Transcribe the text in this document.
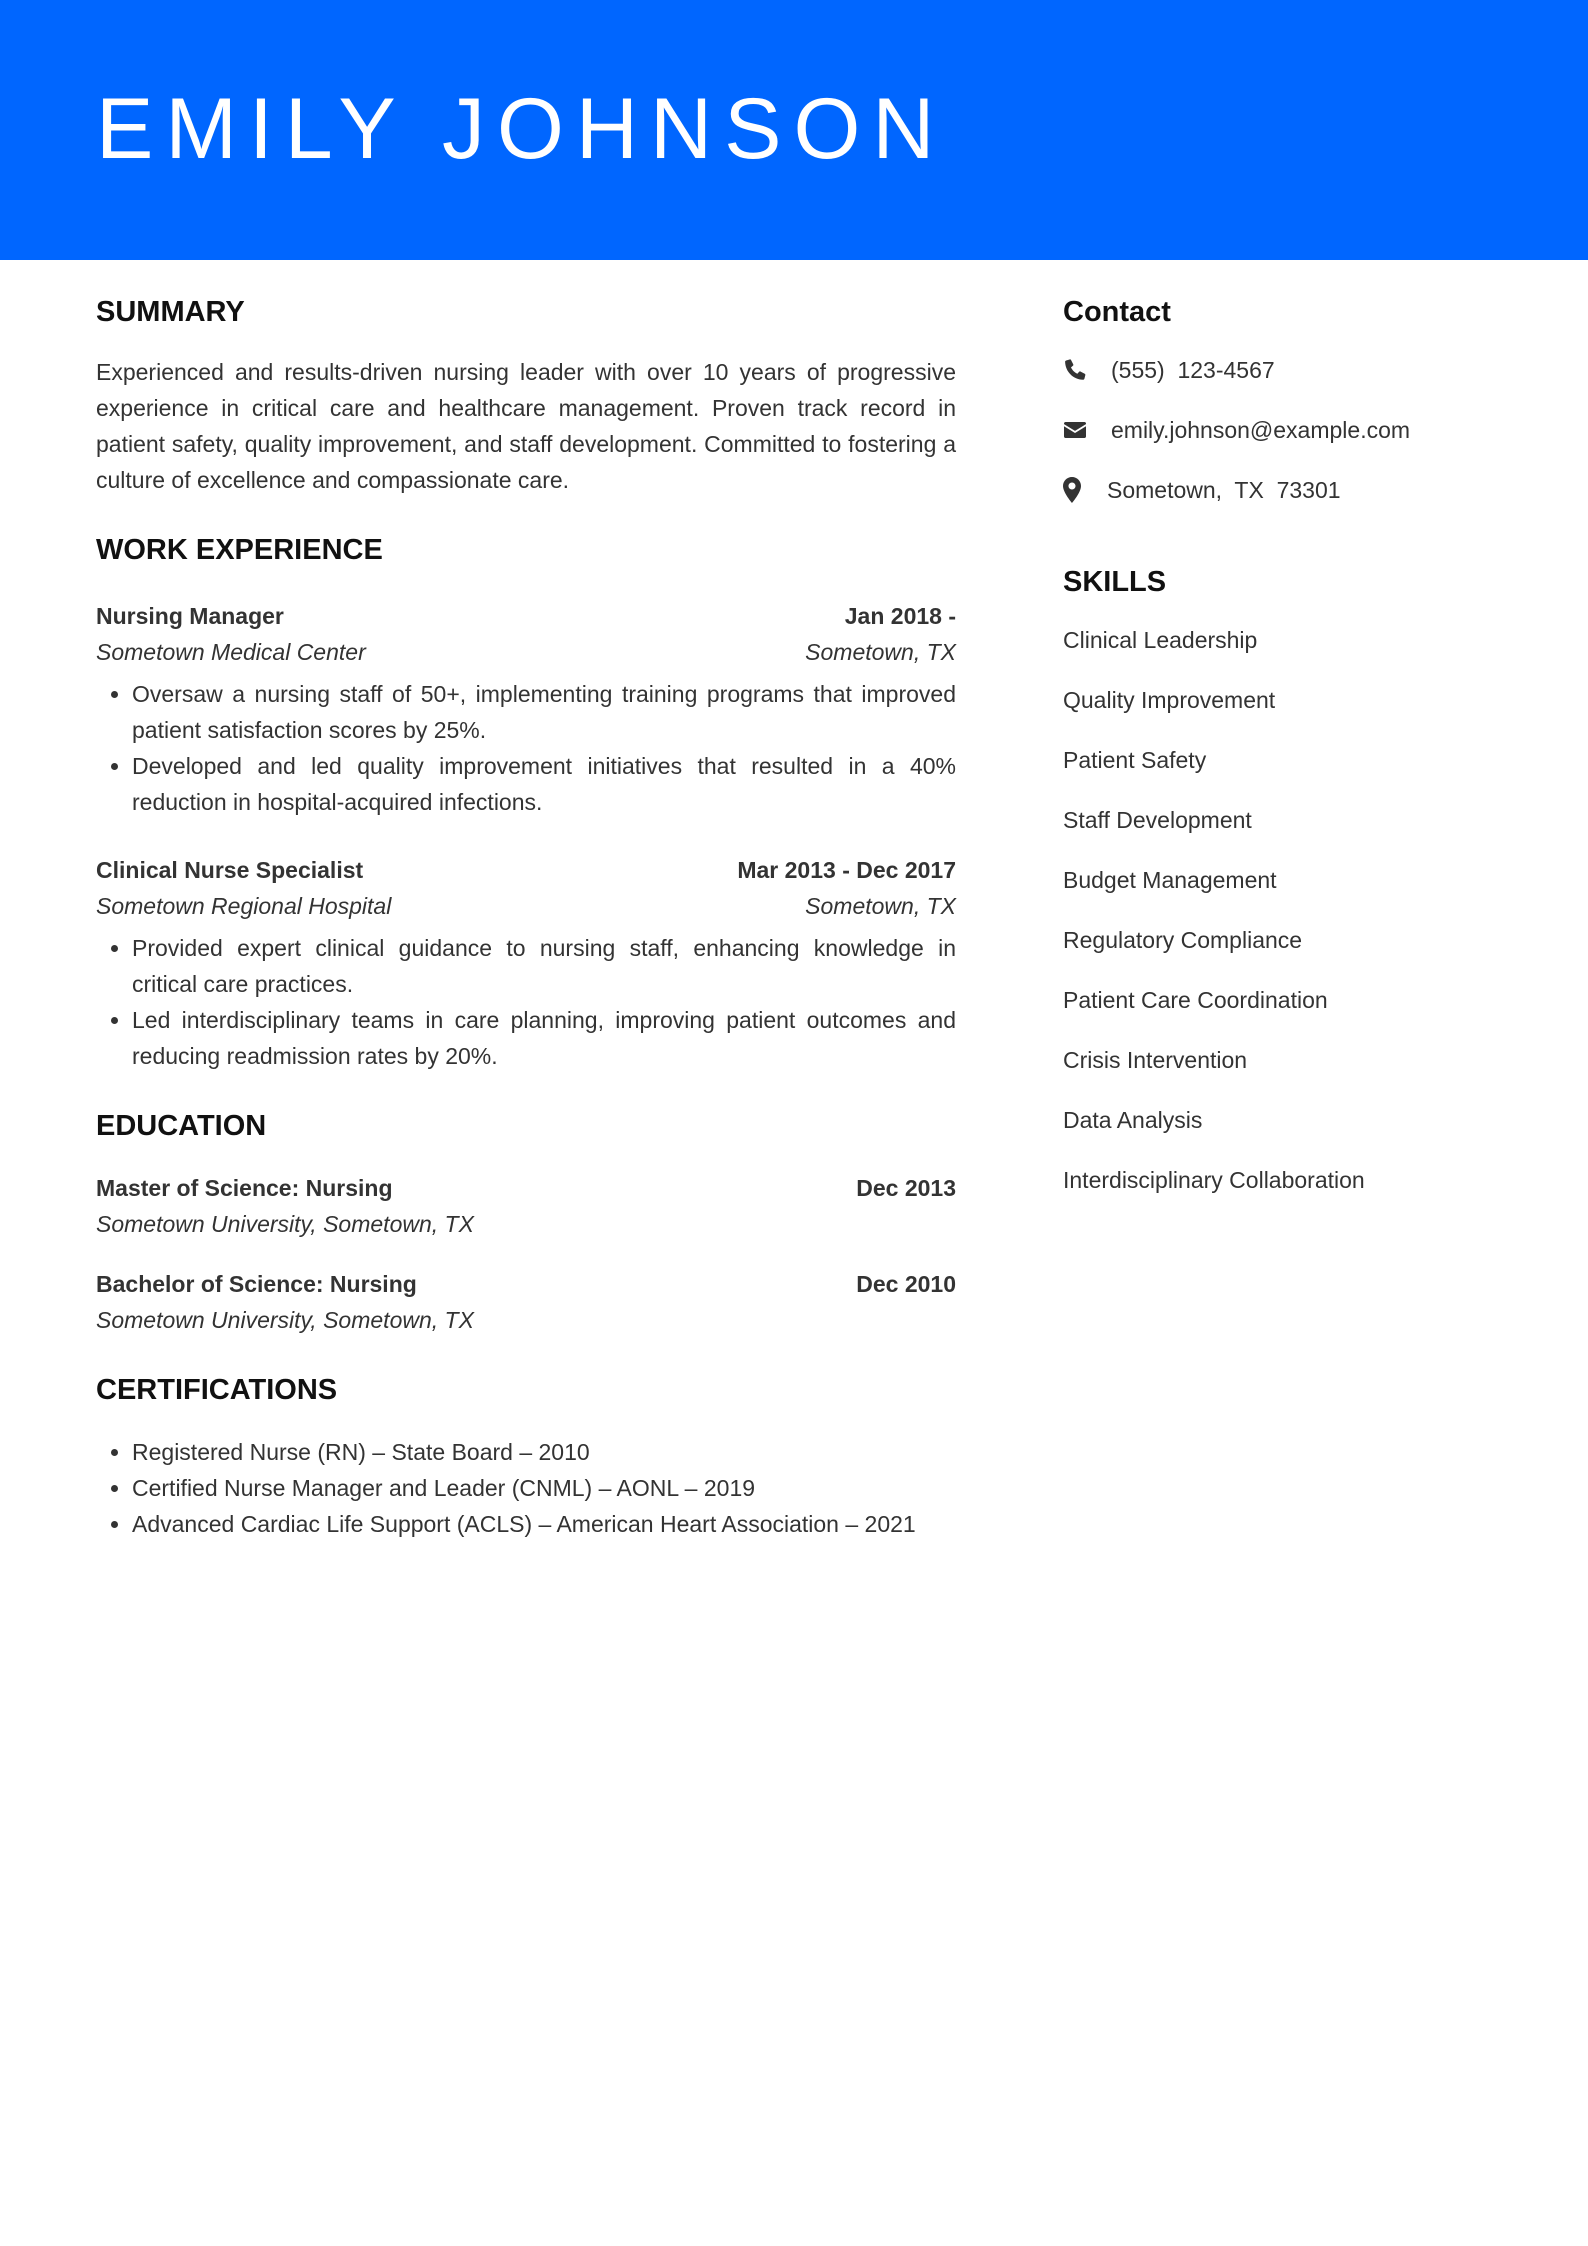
EMILY JOHNSON
SUMMARY

Experienced and results-driven nursing leader with over 10 years of progressive experience in critical care and healthcare management. Proven track record in patient safety, quality improvement, and staff development. Committed to fostering a culture of excellence and compassionate care.

WORK EXPERIENCE
Nursing Manager	Jan 2018 -
Sometown Medical Center	Sometown, TX
• Oversaw a nursing staff of 50+, implementing training programs that improved patient satisfaction scores by 25%.
• Developed and led quality improvement initiatives that resulted in a 40% reduction in hospital-acquired infections.
Clinical Nurse Specialist	Mar 2013 - Dec 2017
Sometown Regional Hospital	Sometown, TX
• Provided expert clinical guidance to nursing staff, enhancing knowledge in critical care practices.
• Led interdisciplinary teams in care planning, improving patient outcomes and reducing readmission rates by 20%.
EDUCATION
Master of Science: Nursing	Dec 2013
Sometown University, Sometown, TX
Bachelor of Science: Nursing	Dec 2010
Sometown University, Sometown, TX
CERTIFICATIONS
• Registered Nurse (RN) – State Board – 2010
• Certified Nurse Manager and Leader (CNML) – AONL – 2019
• Advanced Cardiac Life Support (ACLS) – American Heart Association – 2021
Contact
(555)  123-4567
emily.johnson@example.com
Sometown,  TX  73301
SKILLS
Clinical Leadership
Quality Improvement
Patient Safety
Staff Development
Budget Management
Regulatory Compliance
Patient Care Coordination
Crisis Intervention
Data Analysis
Interdisciplinary Collaboration
